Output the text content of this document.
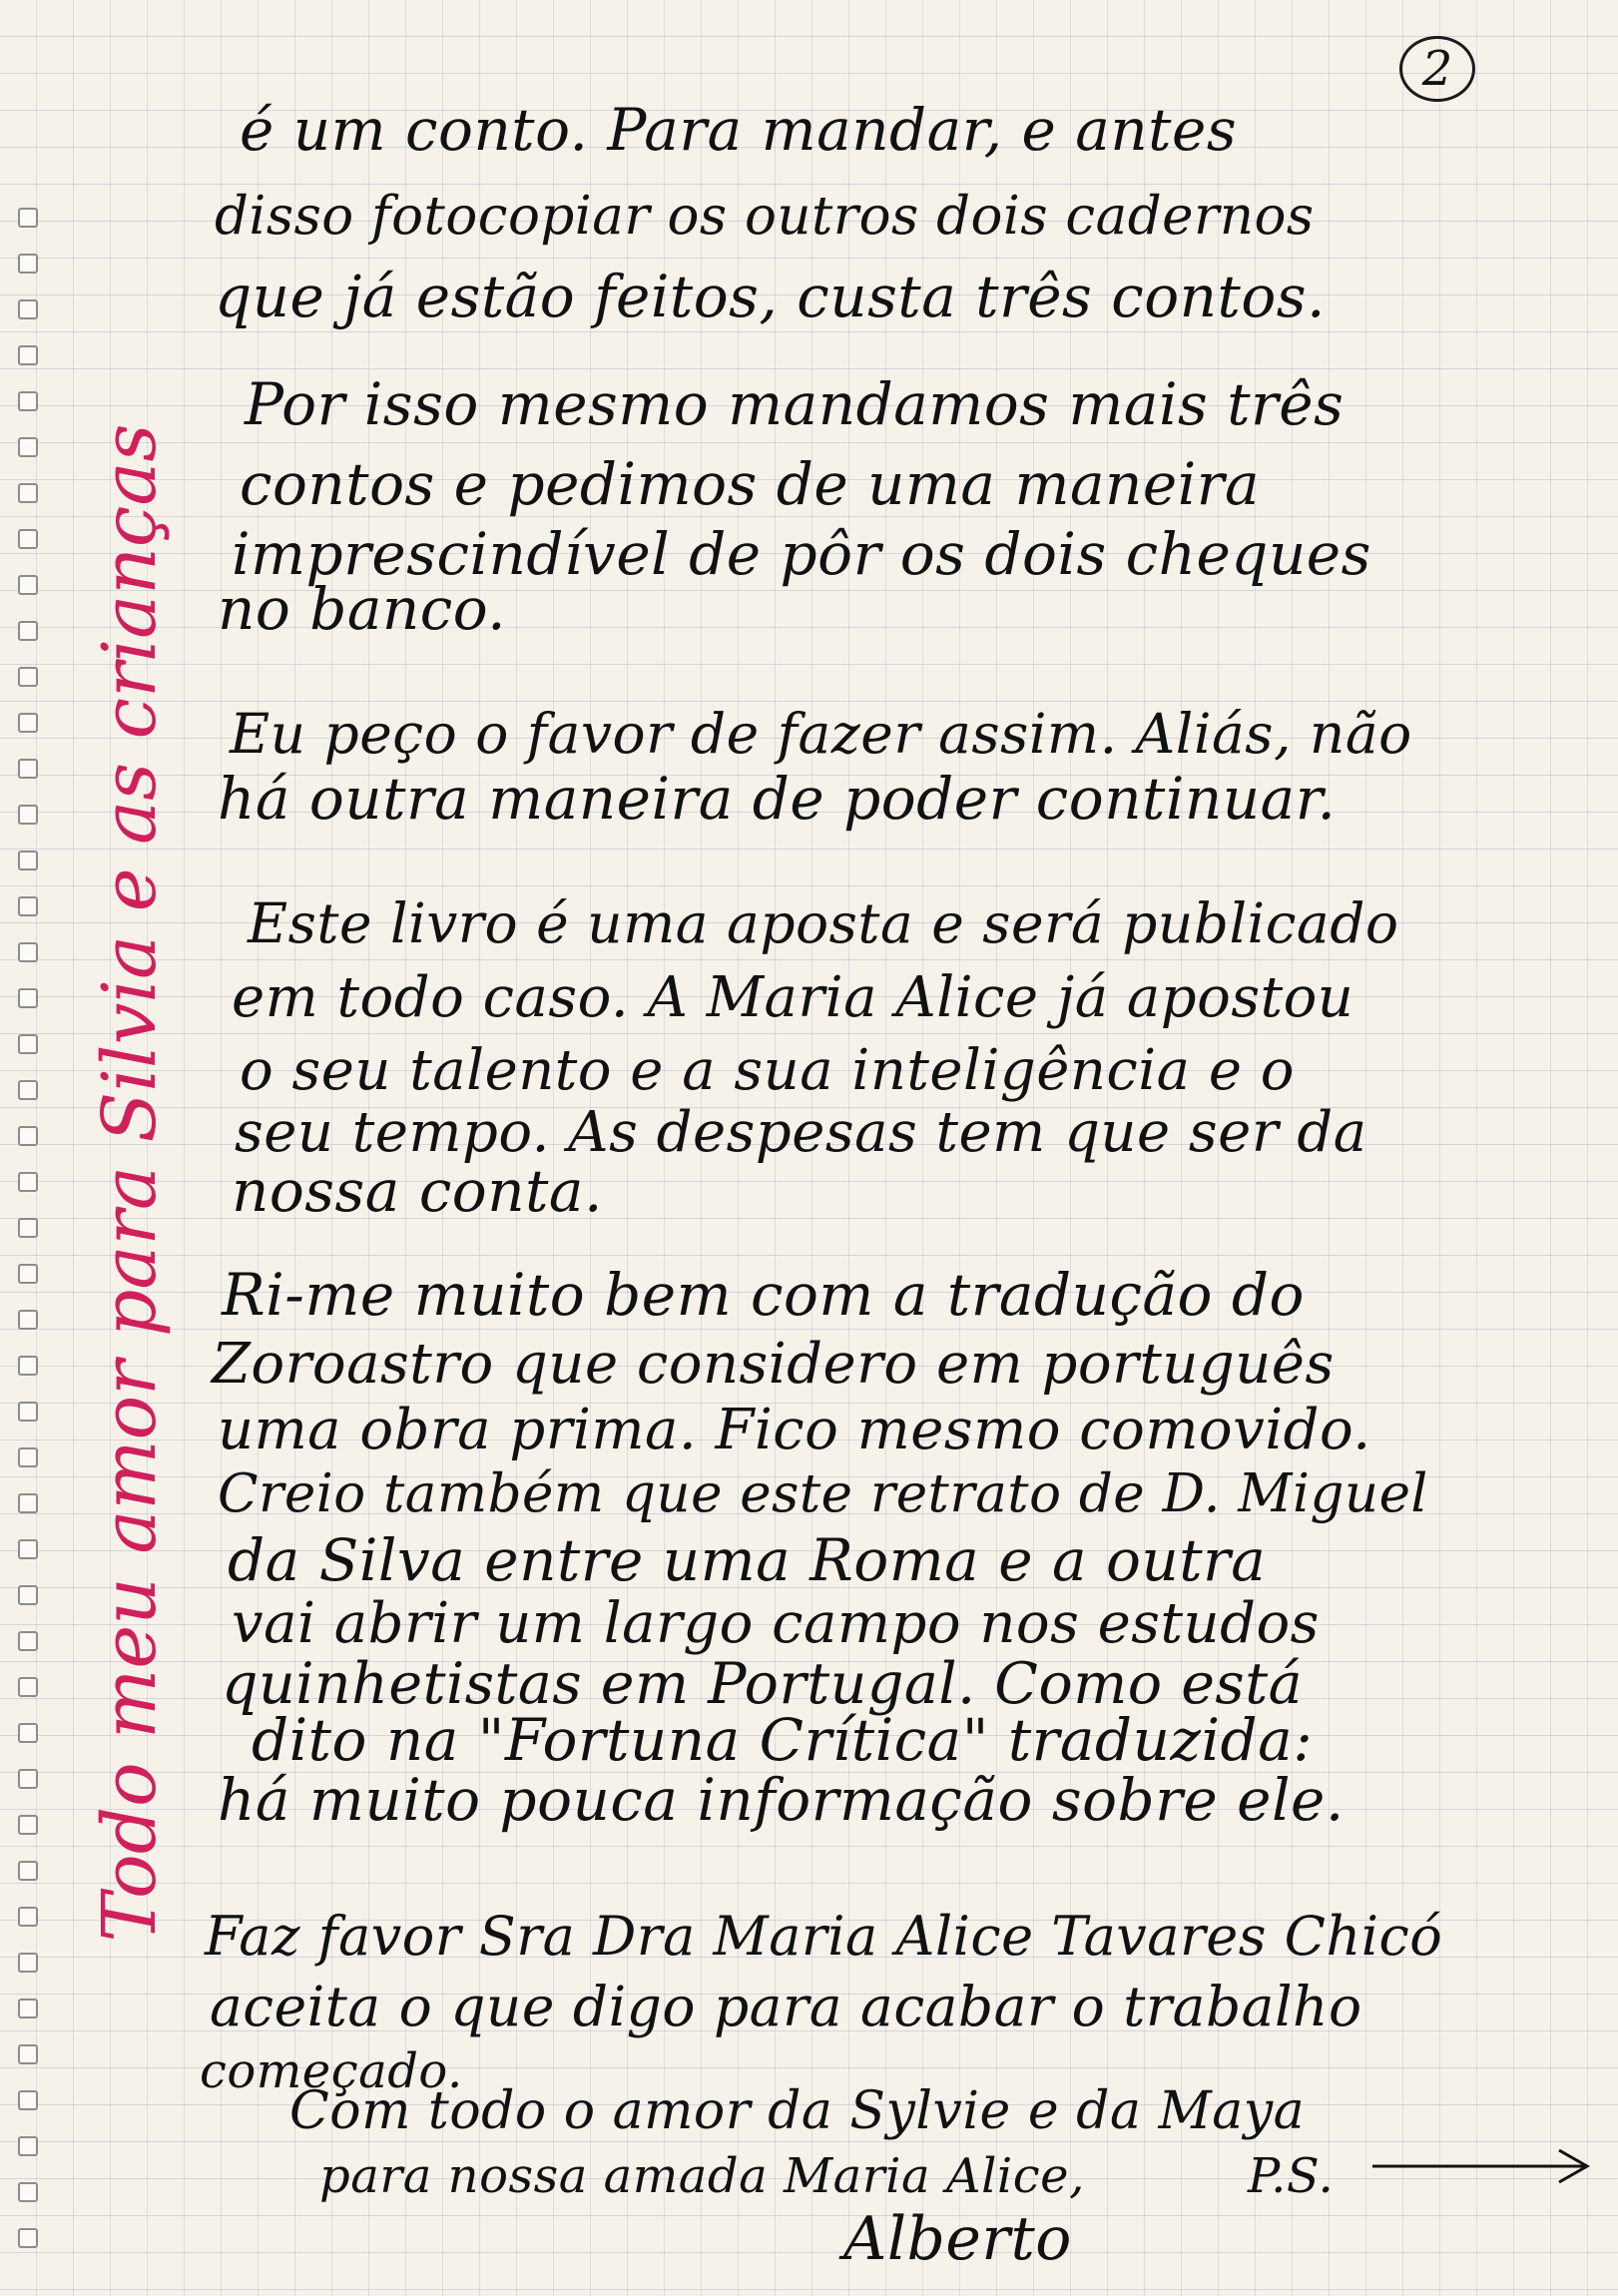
2
Todo meu amor para Silvia e as crianças

é um conto. Para mandar, e antes

disso fotocopiar os outros dois cadernos

que já estão feitos, custa três contos.

Por isso mesmo mandamos mais três

contos e pedimos de uma maneira

imprescindível de pôr os dois cheques

no banco.

Eu peço o favor de fazer assim. Aliás, não

há outra maneira de poder continuar.

Este livro é uma aposta e será publicado

em todo caso. A Maria Alice já apostou

o seu talento e a sua inteligência e o

seu tempo. As despesas tem que ser da

nossa conta.

Ri-me muito bem com a tradução do

Zoroastro que considero em português

uma obra prima. Fico mesmo comovido.

Creio também que este retrato de D. Miguel

da Silva entre uma Roma e a outra

vai abrir um largo campo nos estudos

quinhetistas em Portugal. Como está

dito na "Fortuna Crítica" traduzida:

há muito pouca informação sobre ele.

Faz favor Sra Dra Maria Alice Tavares Chicó

aceita o que digo para acabar o trabalho

começado.

Com todo o amor da Sylvie e da Maya

para nossa amada Maria Alice,	P.S.

Alberto
